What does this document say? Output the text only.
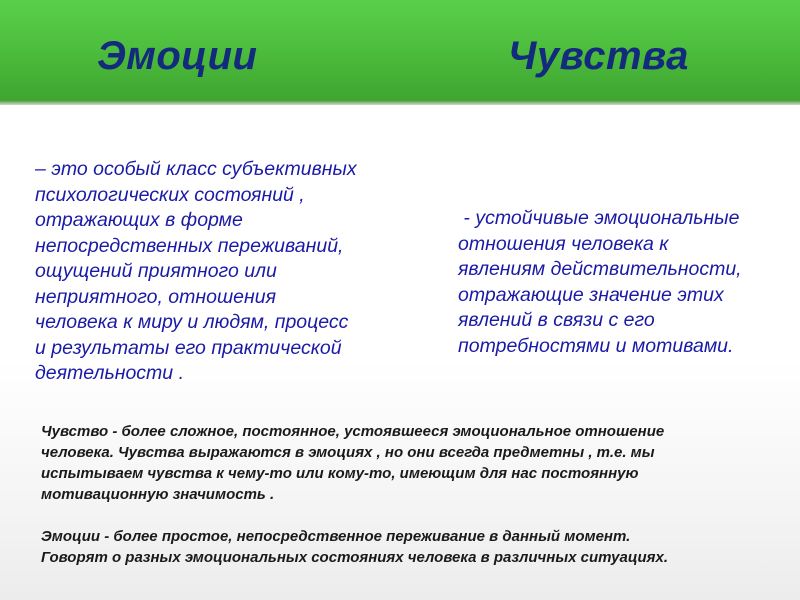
Эмоции	Чувства
– это особый класс субъективных
психологических состояний ,
отражающих в форме
непосредственных переживаний,
ощущений приятного или
неприятного, отношения
человека к миру и людям, процесс
и результаты его практической
деятельности .
- устойчивые эмоциональные
отношения человека к
явлениям действительности,
отражающие значение этих
явлений в связи с его
потребностями и мотивами.
Чувство - более сложное, постоянное, устоявшееся эмоциональное отношение
человека. Чувства выражаются в эмоциях , но они всегда предметны , т.е. мы
испытываем чувства к чему-то или кому-то, имеющим для нас постоянную
мотивационную значимость .
Эмоции - более простое, непосредственное переживание в данный момент.
Говорят о разных эмоциональных состояниях человека в различных ситуациях.
